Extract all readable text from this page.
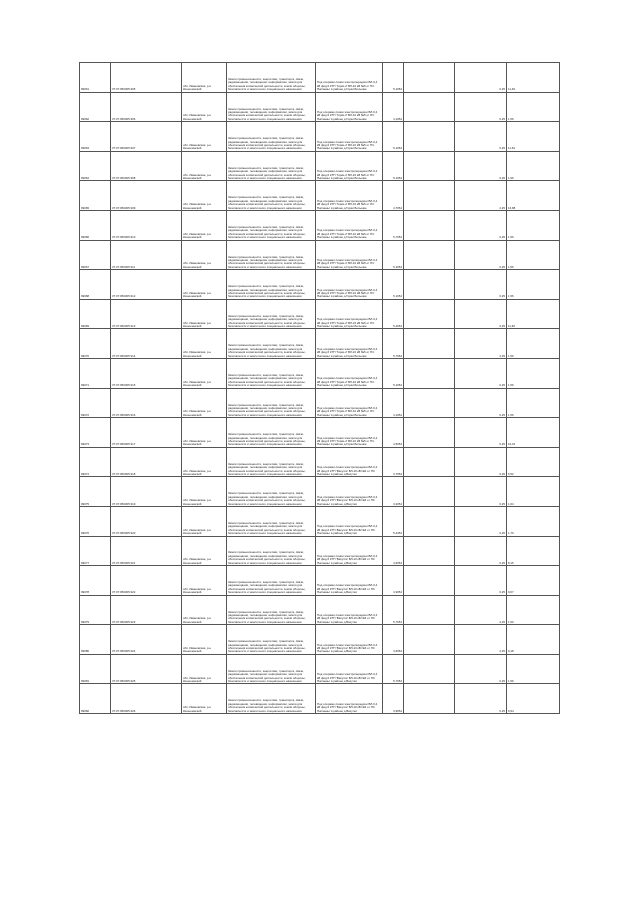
99061	37:07:050305:305	обл. Ивановская, р-н Кинешемский	Земли промышленности, энергетики, транспорта, связи, радиовещания, телевидения, информатики, земли для обеспечения космической деятельности, земли обороны, безопасности и земли иного специального назначения	Под опорами линии электропередачи ВЛ-0,4 кВ фид.6 КТП 'Горки-2' ВЛ-10 кВ №5 от ПС 'Батманы' в районе д.Горки Большие	5,1054		0,25	11,49
99062	37:07:050305:306	обл. Ивановская, р-н Кинешемский	Земли промышленности, энергетики, транспорта, связи, радиовещания, телевидения, информатики, земли для обеспечения космической деятельности, земли обороны, безопасности и земли иного специального назначения	Под опорами линии электропередачи ВЛ-0,4 кВ фид.6 КТП 'Горки-2' ВЛ-10 кВ №5 от ПС 'Батманы' в районе д.Горки Большие	4,1054		0,25	1,56
99063	37:07:050305:307	обл. Ивановская, р-н Кинешемский	Земли промышленности, энергетики, транспорта, связи, радиовещания, телевидения, информатики, земли для обеспечения космической деятельности, земли обороны, безопасности и земли иного специального назначения	Под опорами линии электропередачи ВЛ-0,4 кВ фид.6 КТП 'Горки-2' ВЛ-10 кВ №5 от ПС 'Батманы' в районе д.Горки Большие	5,1054		0,25	11,54
99064	37:07:050305:308	обл. Ивановская, р-н Кинешемский	Земли промышленности, энергетики, транспорта, связи, радиовещания, телевидения, информатики, земли для обеспечения космической деятельности, земли обороны, безопасности и земли иного специального назначения	Под опорами линии электропередачи ВЛ-0,4 кВ фид.6 КТП 'Горки-2' ВЛ-10 кВ №5 от ПС 'Батманы' в районе д.Горки Большие	5,1054		0,25	1,56
99065	37:07:050305:309	обл. Ивановская, р-н Кинешемский	Земли промышленности, энергетики, транспорта, связи, радиовещания, телевидения, информатики, земли для обеспечения космической деятельности, земли обороны, безопасности и земли иного специального назначения	Под опорами линии электропередачи ВЛ-0,4 кВ фид.6 КТП 'Горки-2' ВЛ-10 кВ №5 от ПС 'Батманы' в районе д.Горки Большие	4,7054		2,25	16,88
99066	37:07:050305:310	обл. Ивановская, р-н Кинешемский	Земли промышленности, энергетики, транспорта, связи, радиовещания, телевидения, информатики, земли для обеспечения космической деятельности, земли обороны, безопасности и земли иного специального назначения	Под опорами линии электропередачи ВЛ-0,4 кВ фид.6 КТП 'Горки-2' ВЛ-10 кВ №5 от ПС 'Батманы' в районе д.Горки Большие	5,7054		0,25	1,56
99067	37:07:050305:311	обл. Ивановская, р-н Кинешемский	Земли промышленности, энергетики, транспорта, связи, радиовещания, телевидения, информатики, земли для обеспечения космической деятельности, земли обороны, безопасности и земли иного специального назначения	Под опорами линии электропередачи ВЛ-0,4 кВ фид.6 КТП 'Горки-2' ВЛ-10 кВ №5 от ПС 'Батманы' в районе д.Горки Большие	5,1054		0,25	1,56
99068	37:07:050305:312	обл. Ивановская, р-н Кинешемский	Земли промышленности, энергетики, транспорта, связи, радиовещания, телевидения, информатики, земли для обеспечения космической деятельности, земли обороны, безопасности и земли иного специального назначения	Под опорами линии электропередачи ВЛ-0,4 кВ фид.6 КТП 'Горки-2' ВЛ-10 кВ №5 от ПС 'Батманы' в районе д.Горки Большие	5,1054		0,25	1,56
99069	37:07:050305:313	обл. Ивановская, р-н Кинешемский	Земли промышленности, энергетики, транспорта, связи, радиовещания, телевидения, информатики, земли для обеспечения космической деятельности, земли обороны, безопасности и земли иного специального назначения	Под опорами линии электропередачи ВЛ-0,4 кВ фид.6 КТП 'Горки-2' ВЛ-10 кВ №5 от ПС 'Батманы' в районе д.Горки Большие	5,2054		0,25	11,60
99070	37:07:050305:314	обл. Ивановская, р-н Кинешемский	Земли промышленности, энергетики, транспорта, связи, радиовещания, телевидения, информатики, земли для обеспечения космической деятельности, земли обороны, безопасности и земли иного специального назначения	Под опорами линии электропередачи ВЛ-0,4 кВ фид.6 КТП 'Горки-2' ВЛ-10 кВ №5 от ПС 'Батманы' в районе д.Горки Большие	5,7054		2,25	1,56
99071	37:07:050305:315	обл. Ивановская, р-н Кинешемский	Земли промышленности, энергетики, транспорта, связи, радиовещания, телевидения, информатики, земли для обеспечения космической деятельности, земли обороны, безопасности и земли иного специального назначения	Под опорами линии электропередачи ВЛ-0,4 кВ фид.6 КТП 'Горки-2' ВЛ-10 кВ №5 от ПС 'Батманы' в районе д.Горки Большие	5,1054		0,25	1,56
99072	37:07:050305:316	обл. Ивановская, р-н Кинешемский	Земли промышленности, энергетики, транспорта, связи, радиовещания, телевидения, информатики, земли для обеспечения космической деятельности, земли обороны, безопасности и земли иного специального назначения	Под опорами линии электропередачи ВЛ-0,4 кВ фид.6 КТП 'Горки-2' ВЛ-10 кВ №5 от ПС 'Батманы' в районе д.Горки Большие	4,1054		0,25	1,56
99073	37:07:050305:317	обл. Ивановская, р-н Кинешемский	Земли промышленности, энергетики, транспорта, связи, радиовещания, телевидения, информатики, земли для обеспечения космической деятельности, земли обороны, безопасности и земли иного специального назначения	Под опорами линии электропередачи ВЛ-0,4 кВ фид.6 КТП 'Горки-2' ВЛ-10 кВ №5 от ПС 'Батманы' в районе д.Горки Большие	4,5054		0,25	10,01
99074	37:07:050305:318	обл. Ивановская, р-н Кинешемский	Земли промышленности, энергетики, транспорта, связи, радиовещания, телевидения, информатики, земли для обеспечения космической деятельности, земли обороны, безопасности и земли иного специального назначения	Под опорами линии электропередачи ВЛ-0,4 кВ фид.6 КТП 'Вахутки' ВЛ-10 кВ №6 от ПС 'Батманы' в районе д.Вахутки	3,7054		0,25	6,52
99075	37:07:050305:319	обл. Ивановская, р-н Кинешемский	Земли промышленности, энергетики, транспорта, связи, радиовещания, телевидения, информатики, земли для обеспечения космической деятельности, земли обороны, безопасности и земли иного специального назначения	Под опорами линии электропередачи ВЛ-0,4 кВ фид.6 КТП 'Вахутки' ВЛ-10 кВ №6 от ПС 'Батманы' в районе д.Вахутки	3,2054		0,25	1,64
99076	37:07:050305:320	обл. Ивановская, р-н Кинешемский	Земли промышленности, энергетики, транспорта, связи, радиовещания, телевидения, информатики, земли для обеспечения космической деятельности, земли обороны, безопасности и земли иного специального назначения	Под опорами линии электропередачи ВЛ-0,4 кВ фид.6 КТП 'Вахутки' ВЛ-10 кВ №6 от ПС 'Батманы' в районе д.Вахутки	5,4454		0,25	1,70
99077	37:07:050305:321	обл. Ивановская, р-н Кинешемский	Земли промышленности, энергетики, транспорта, связи, радиовещания, телевидения, информатики, земли для обеспечения космической деятельности, земли обороны, безопасности и земли иного специального назначения	Под опорами линии электропередачи ВЛ-0,4 кВ фид.6 КТП 'Вахутки' ВЛ-10 кВ №6 от ПС 'Батманы' в районе д.Вахутки	4,6054		0,25	8,15
99078	37:07:050305:322	обл. Ивановская, р-н Кинешемский	Земли промышленности, энергетики, транспорта, связи, радиовещания, телевидения, информатики, земли для обеспечения космической деятельности, земли обороны, безопасности и земли иного специального назначения	Под опорами линии электропередачи ВЛ-0,4 кВ фид.6 КТП 'Вахутки' ВЛ-10 кВ №6 от ПС 'Батманы' в районе д.Вахутки	4,9054		0,25	9,67
99079	37:07:050305:323	обл. Ивановская, р-н Кинешемский	Земли промышленности, энергетики, транспорта, связи, радиовещания, телевидения, информатики, земли для обеспечения космической деятельности, земли обороны, безопасности и земли иного специального назначения	Под опорами линии электропередачи ВЛ-0,4 кВ фид.6 КТП 'Вахутки' ВЛ-10 кВ №6 от ПС 'Батманы' в районе д.Вахутки	5,7054		2,25	1,50
99080	37:07:050305:324	обл. Ивановская, р-н Кинешемский	Земли промышленности, энергетики, транспорта, связи, радиовещания, телевидения, информатики, земли для обеспечения космической деятельности, земли обороны, безопасности и земли иного специального назначения	Под опорами линии электропередачи ВЛ-0,4 кВ фид.6 КТП 'Вахутки' ВЛ-10 кВ №6 от ПС 'Батманы' в районе д.Вахутки	3,6054		2,25	9,18
99081	37:07:050305:325	обл. Ивановская, р-н Кинешемский	Земли промышленности, энергетики, транспорта, связи, радиовещания, телевидения, информатики, земли для обеспечения космической деятельности, земли обороны, безопасности и земли иного специального назначения	Под опорами линии электропередачи ВЛ-0,4 кВ фид.6 КТП 'Вахутки' ВЛ-10 кВ №6 от ПС 'Батманы' в районе д.Вахутки	5,7054		0,25	1,56
99082	37:07:050305:326	обл. Ивановская, р-н Кинешемский	Земли промышленности, энергетики, транспорта, связи, радиовещания, телевидения, информатики, земли для обеспечения космической деятельности, земли обороны, безопасности и земли иного специального назначения	Под опорами линии электропередачи ВЛ-0,4 кВ фид.6 КТП 'Вахутки' ВЛ-10 кВ №6 от ПС 'Батманы' в районе д.Вахутки	3,9654		0,25	6,94
